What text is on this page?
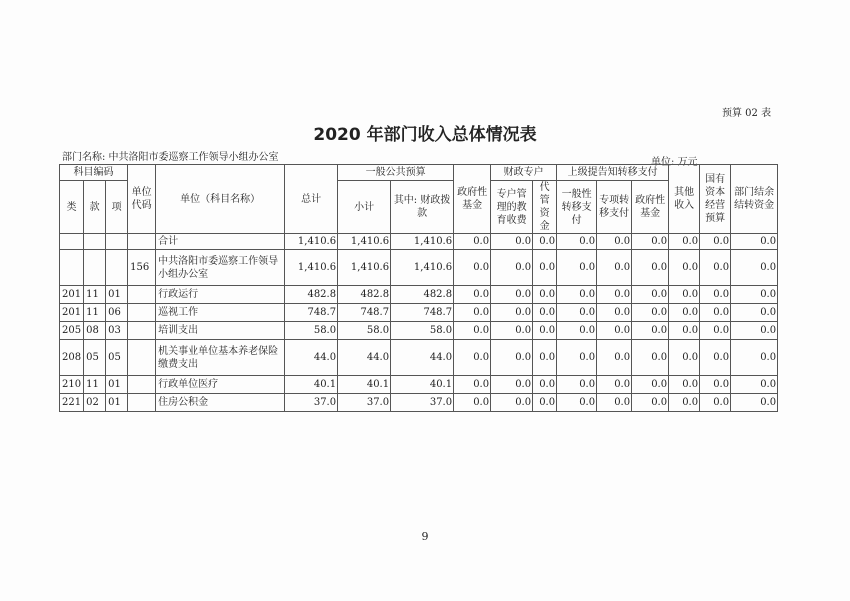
预算 02 表
2020 年部门收入总体情况表
部门名称: 中共洛阳市委巡察工作领导小组办公室	单位: 万元
科目编码			单位代码	单位（科目名称）	总计	一般公共预算		政府性基金	财政专户		上级提告知转移支付			其他收入	国有资本经营预算	部门结余结转资金
类	款	项				小计	其中: 财政拨款		专户管理的教育收费	代管资金	一般性转移支付	专项转移支付	政府性基金			

				合计	1,410.6	1,410.6	1,410.6	0.0	0.0	0.0	0.0	0.0	0.0	0.0	0.0	0.0
			156	中共洛阳市委巡察工作领导小组办公室	1,410.6	1,410.6	1,410.6	0.0	0.0	0.0	0.0	0.0	0.0	0.0	0.0	0.0
201	11	01		行政运行	482.8	482.8	482.8	0.0	0.0	0.0	0.0	0.0	0.0	0.0	0.0	0.0
201	11	06		巡视工作	748.7	748.7	748.7	0.0	0.0	0.0	0.0	0.0	0.0	0.0	0.0	0.0
205	08	03		培训支出	58.0	58.0	58.0	0.0	0.0	0.0	0.0	0.0	0.0	0.0	0.0	0.0
208	05	05		机关事业单位基本养老保险缴费支出	44.0	44.0	44.0	0.0	0.0	0.0	0.0	0.0	0.0	0.0	0.0	0.0
210	11	01		行政单位医疗	40.1	40.1	40.1	0.0	0.0	0.0	0.0	0.0	0.0	0.0	0.0	0.0
221	02	01		住房公积金	37.0	37.0	37.0	0.0	0.0	0.0	0.0	0.0	0.0	0.0	0.0	0.0
9
